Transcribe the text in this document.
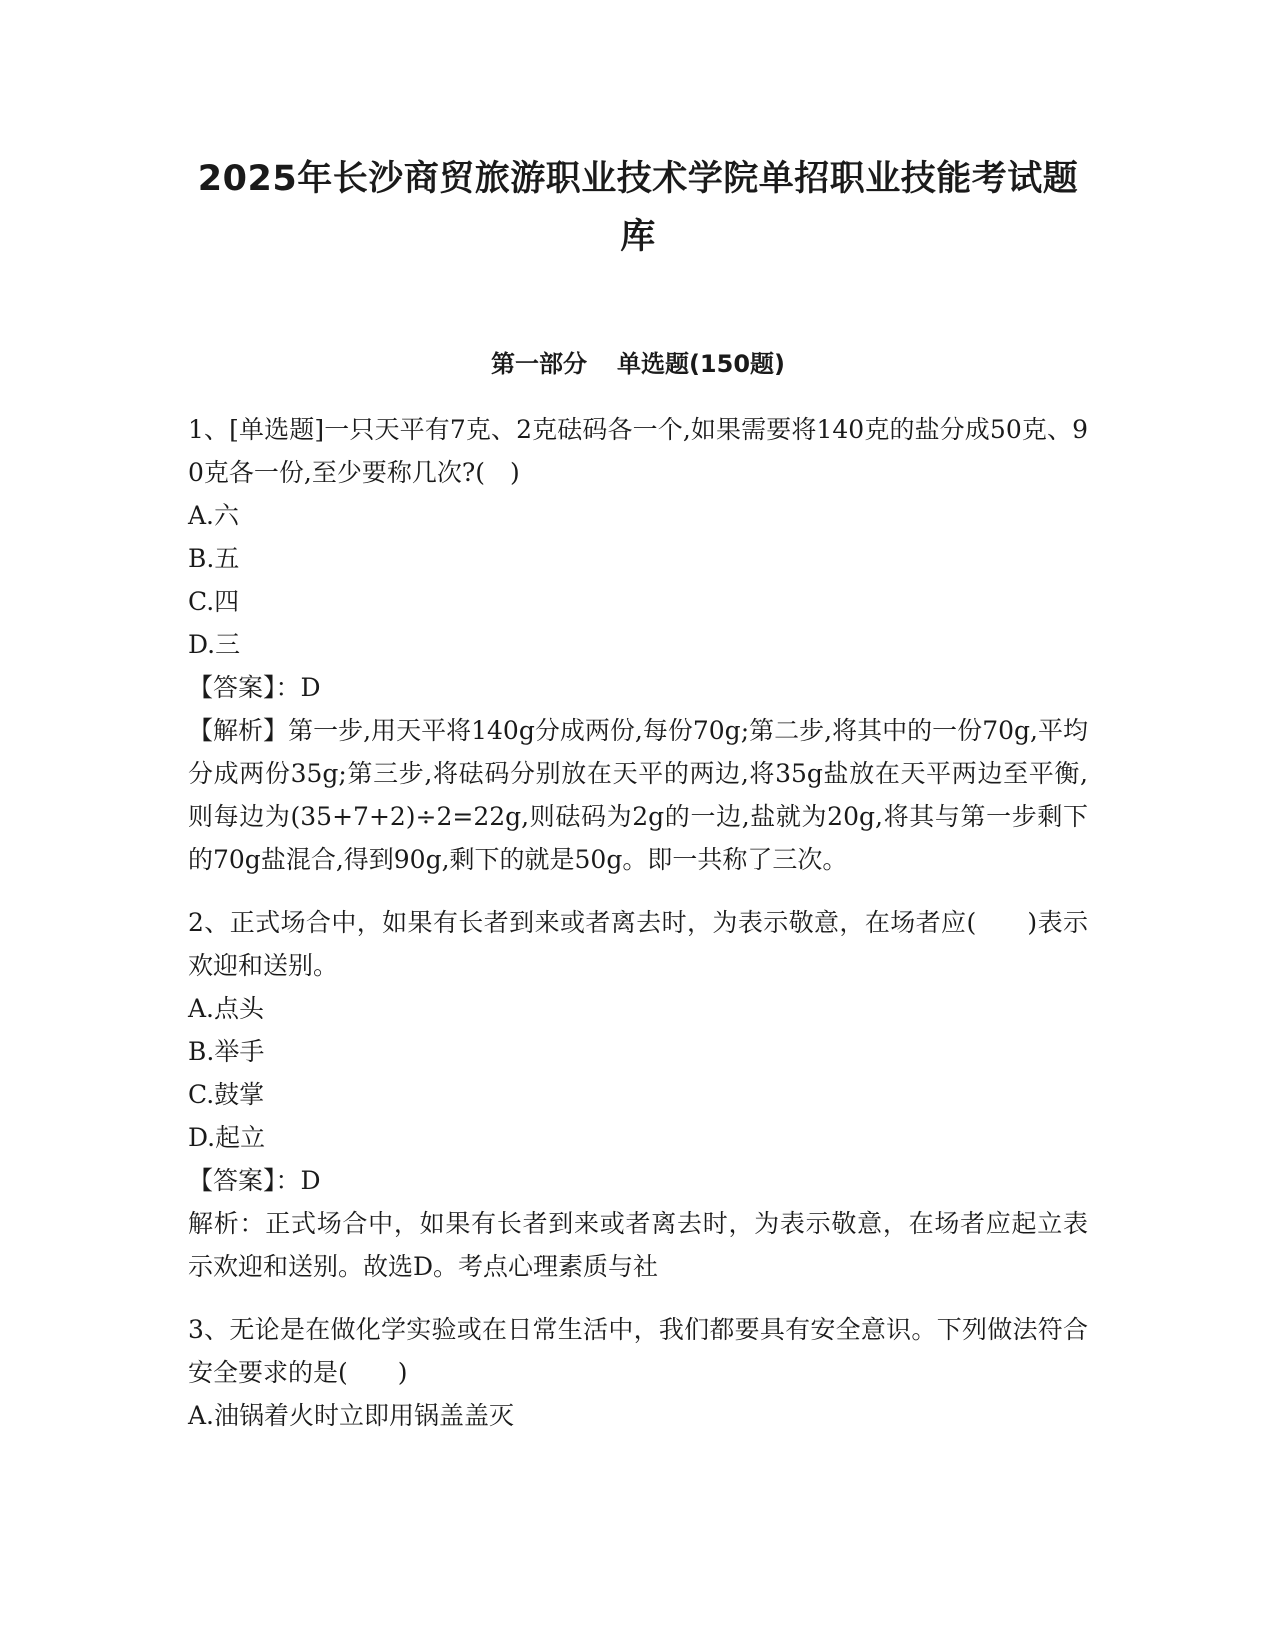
2025年长沙商贸旅游职业技术学院单招职业技能考试题库
第一部分 单选题(150题)

1、[单选题]一只天平有7克、2克砝码各一个,如果需要将140克的盐分成50克、90克各一份,至少要称几次?(　)

A.六

B.五

C.四

D.三

【答案】：D

【解析】第一步,用天平将140g分成两份,每份70g;第二步,将其中的一份70g,平均分成两份35g;第三步,将砝码分别放在天平的两边,将35g盐放在天平两边至平衡,则每边为(35+7+2)÷2=22g,则砝码为2g的一边,盐就为20g,将其与第一步剩下的70g盐混合,得到90g,剩下的就是50g。即一共称了三次。

2、正式场合中，如果有长者到来或者离去时，为表示敬意，在场者应(　　)表示欢迎和送别。

A.点头

B.举手

C.鼓掌

D.起立

【答案】：D

解析：正式场合中，如果有长者到来或者离去时，为表示敬意，在场者应起立表示欢迎和送别。故选D。考点心理素质与社

3、无论是在做化学实验或在日常生活中，我们都要具有安全意识。下列做法符合安全要求的是(　　)

A.油锅着火时立即用锅盖盖灭
